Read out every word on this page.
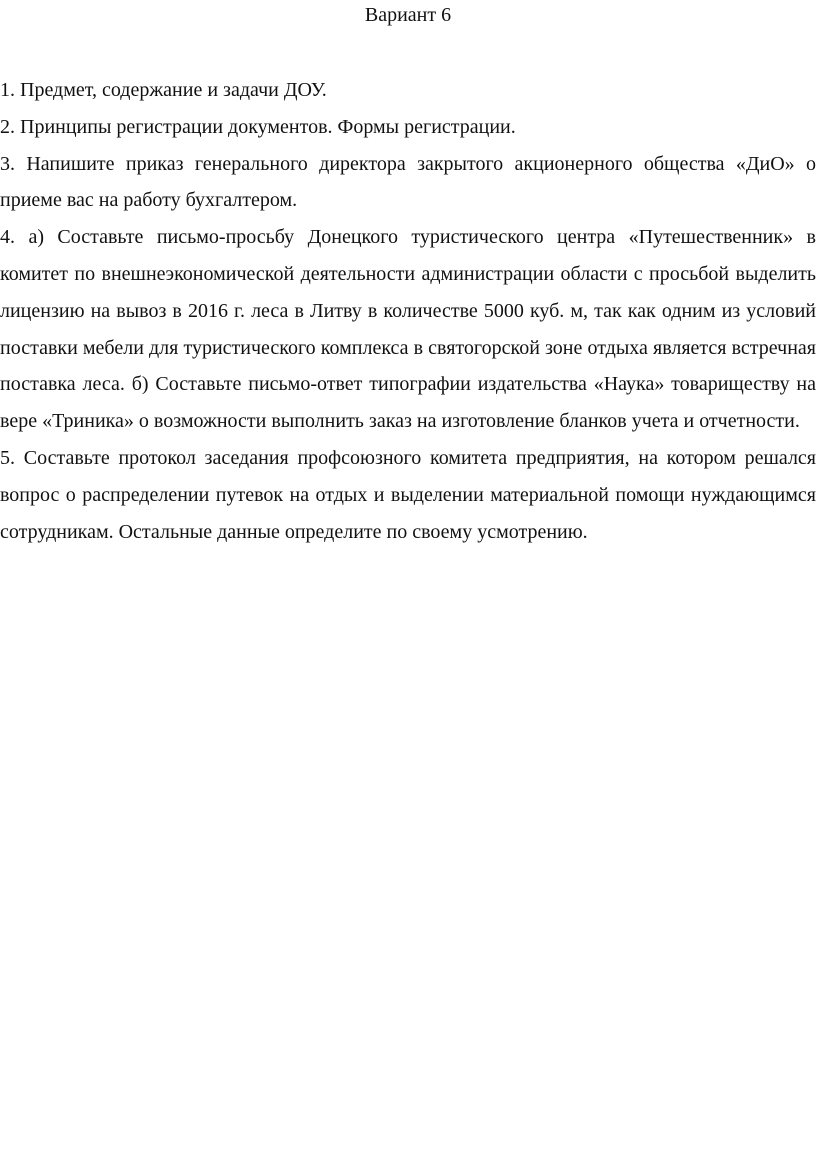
Вариант 6

1. Предмет, содержание и задачи ДОУ.

2. Принципы регистрации документов. Формы регистрации.

3. Напишите приказ генерального директора закрытого акционерного общества «ДиО» о приеме вас на работу бухгалтером.

4. а) Составьте письмо-просьбу Донецкого туристического центра «Путешественник» в комитет по внешнеэкономической деятельности администрации области с просьбой выделить лицензию на вывоз в 2016 г. леса в Литву в количестве 5000 куб. м, так как одним из условий поставки мебели для туристического комплекса в святогорской зоне отдыха является встречная поставка леса. б) Составьте письмо-ответ типографии издательства «Наука» товариществу на вере «Триника» о возможности выполнить заказ на изготовление бланков учета и отчетности.

5. Составьте протокол заседания профсоюзного комитета предприятия, на котором решался вопрос о распределении путевок на отдых и выделении материальной помощи нуждающимся сотрудникам. Остальные данные определите по своему усмотрению.
